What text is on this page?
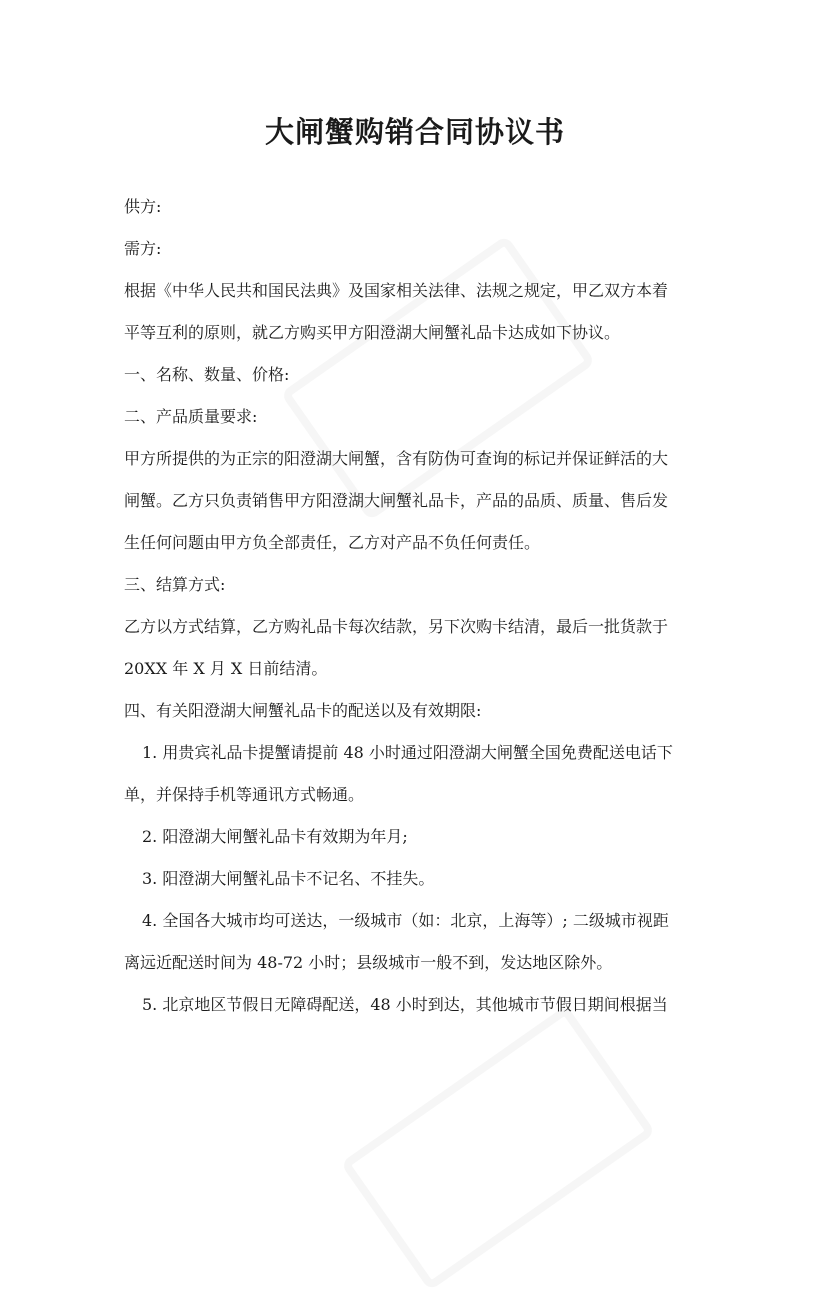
大闸蟹购销合同协议书
供方:
需方:
根据《中华人民共和国民法典》及国家相关法律、法规之规定，甲乙双方本着
平等互利的原则，就乙方购买甲方阳澄湖大闸蟹礼品卡达成如下协议。
一、名称、数量、价格:
二、产品质量要求:
甲方所提供的为正宗的阳澄湖大闸蟹，含有防伪可查询的标记并保证鲜活的大
闸蟹。乙方只负责销售甲方阳澄湖大闸蟹礼品卡，产品的品质、质量、售后发
生任何问题由甲方负全部责任，乙方对产品不负任何责任。
三、结算方式:
乙方以方式结算，乙方购礼品卡每次结款，另下次购卡结清，最后一批货款于
20XX 年 X 月 X 日前结清。
四、有关阳澄湖大闸蟹礼品卡的配送以及有效期限:
1. 用贵宾礼品卡提蟹请提前 48 小时通过阳澄湖大闸蟹全国免费配送电话下
单，并保持手机等通讯方式畅通。
2. 阳澄湖大闸蟹礼品卡有效期为年月;
3. 阳澄湖大闸蟹礼品卡不记名、不挂失。
4. 全国各大城市均可送达，一级城市（如：北京，上海等）; 二级城市视距
离远近配送时间为 48-72 小时；县级城市一般不到，发达地区除外。
5. 北京地区节假日无障碍配送，48 小时到达，其他城市节假日期间根据当
